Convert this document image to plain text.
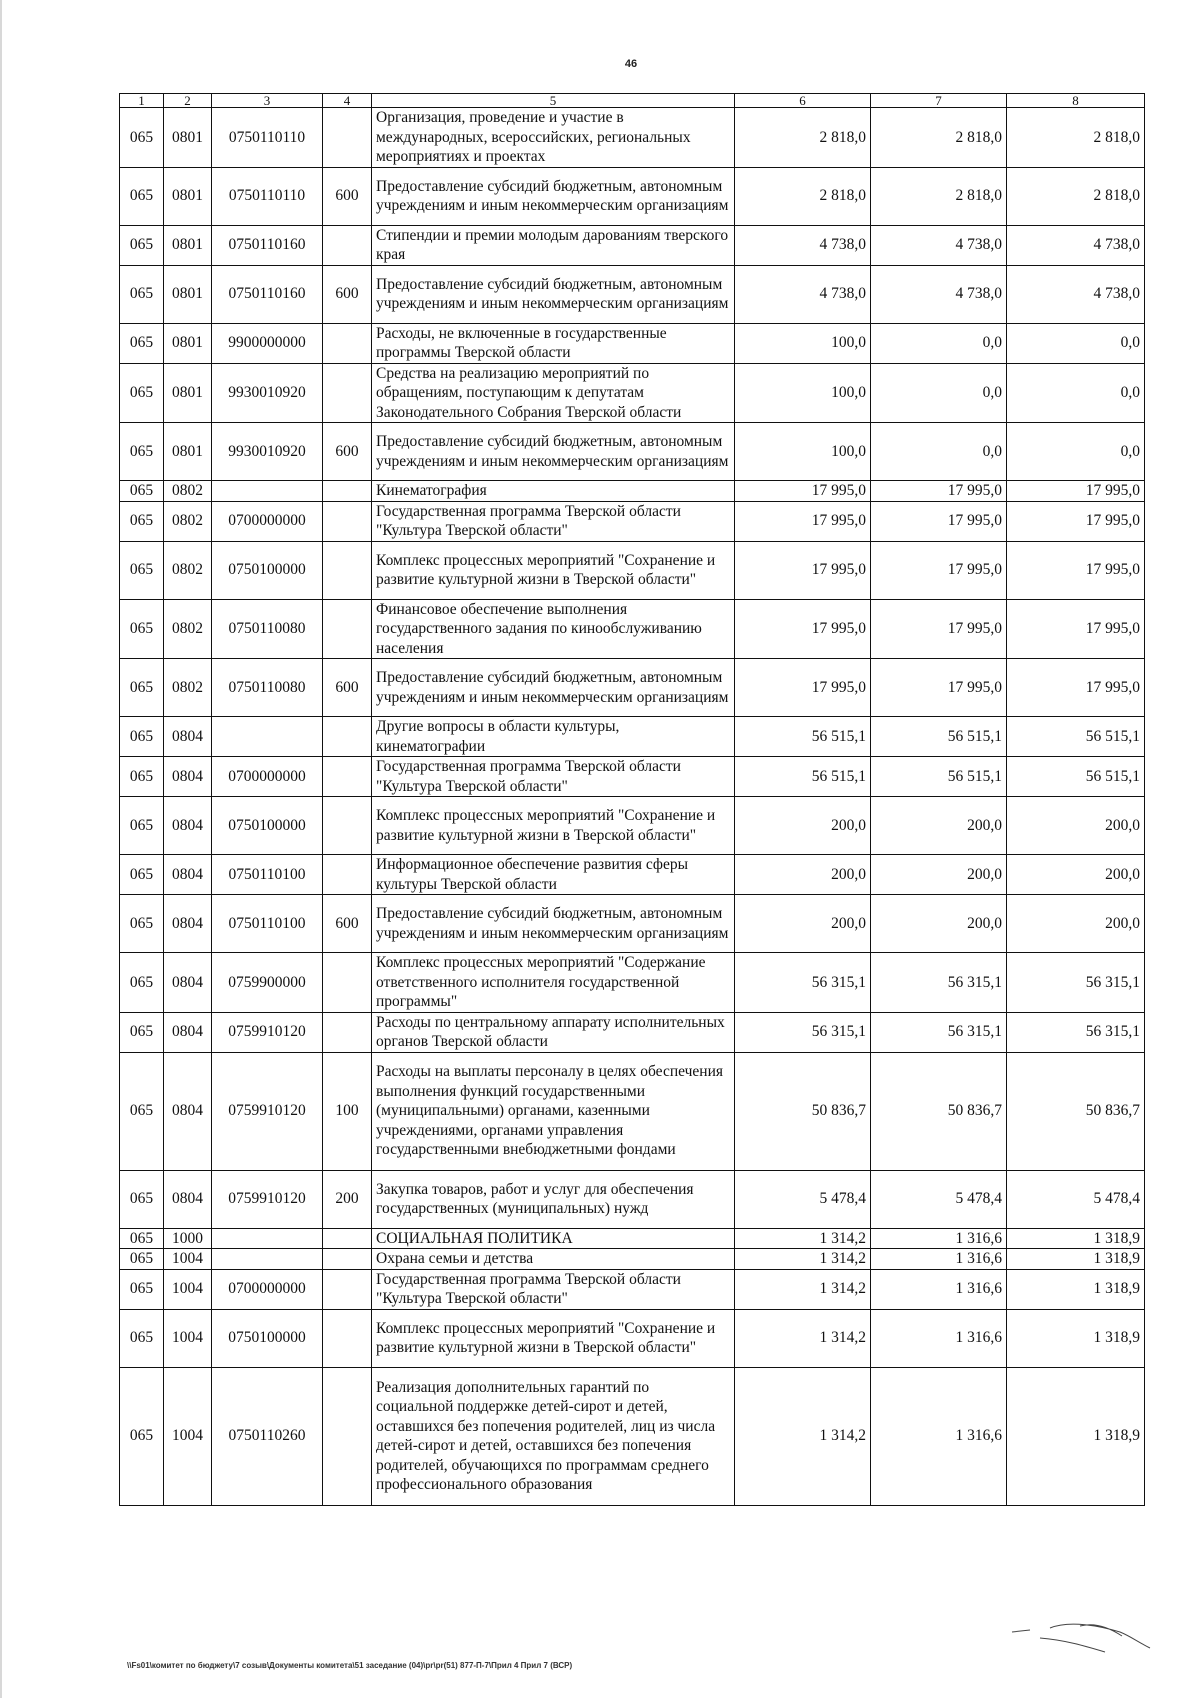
46
1	2	3	4	5	6	7	8
065	0801	0750110110		Организация, проведение и участие в международных, всероссийских, региональных мероприятиях и проектах	2 818,0	2 818,0	2 818,0
065	0801	0750110110	600	Предоставление субсидий бюджетным, автономным учреждениям и иным некоммерческим организациям	2 818,0	2 818,0	2 818,0
065	0801	0750110160		Стипендии и премии молодым дарованиям тверского края	4 738,0	4 738,0	4 738,0
065	0801	0750110160	600	Предоставление субсидий бюджетным, автономным учреждениям и иным некоммерческим организациям	4 738,0	4 738,0	4 738,0
065	0801	9900000000		Расходы, не включенные в государственные программы Тверской области	100,0	0,0	0,0
065	0801	9930010920		Средства на реализацию мероприятий по обращениям, поступающим к депутатам Законодательного Собрания Тверской области	100,0	0,0	0,0
065	0801	9930010920	600	Предоставление субсидий бюджетным, автономным учреждениям и иным некоммерческим организациям	100,0	0,0	0,0
065	0802			Кинематография	17 995,0	17 995,0	17 995,0
065	0802	0700000000		Государственная программа Тверской области "Культура Тверской области"	17 995,0	17 995,0	17 995,0
065	0802	0750100000		Комплекс процессных мероприятий "Сохранение и развитие культурной жизни в Тверской области"	17 995,0	17 995,0	17 995,0
065	0802	0750110080		Финансовое обеспечение выполнения государственного задания по кинообслуживанию населения	17 995,0	17 995,0	17 995,0
065	0802	0750110080	600	Предоставление субсидий бюджетным, автономным учреждениям и иным некоммерческим организациям	17 995,0	17 995,0	17 995,0
065	0804			Другие вопросы в области культуры, кинематографии	56 515,1	56 515,1	56 515,1
065	0804	0700000000		Государственная программа Тверской области "Культура Тверской области"	56 515,1	56 515,1	56 515,1
065	0804	0750100000		Комплекс процессных мероприятий "Сохранение и развитие культурной жизни в Тверской области"	200,0	200,0	200,0
065	0804	0750110100		Информационное обеспечение развития сферы культуры Тверской области	200,0	200,0	200,0
065	0804	0750110100	600	Предоставление субсидий бюджетным, автономным учреждениям и иным некоммерческим организациям	200,0	200,0	200,0
065	0804	0759900000		Комплекс процессных мероприятий "Содержание ответственного исполнителя государственной программы"	56 315,1	56 315,1	56 315,1
065	0804	0759910120		Расходы по центральному аппарату исполнительных органов Тверской области	56 315,1	56 315,1	56 315,1
065	0804	0759910120	100	Расходы на выплаты персоналу в целях обеспечения выполнения функций государственными (муниципальными) органами, казенными учреждениями, органами управления государственными внебюджетными фондами	50 836,7	50 836,7	50 836,7
065	0804	0759910120	200	Закупка товаров, работ и услуг для обеспечения государственных (муниципальных) нужд	5 478,4	5 478,4	5 478,4
065	1000			СОЦИАЛЬНАЯ ПОЛИТИКА	1 314,2	1 316,6	1 318,9
065	1004			Охрана семьи и детства	1 314,2	1 316,6	1 318,9
065	1004	0700000000		Государственная программа Тверской области "Культура Тверской области"	1 314,2	1 316,6	1 318,9
065	1004	0750100000		Комплекс процессных мероприятий "Сохранение и развитие культурной жизни в Тверской области"	1 314,2	1 316,6	1 318,9
065	1004	0750110260		Реализация дополнительных гарантий по социальной поддержке детей-сирот и детей, оставшихся без попечения родителей, лиц из числа детей-сирот и детей, оставшихся без попечения родителей, обучающихся по программам среднего профессионального образования	1 314,2	1 316,6	1 318,9
\\Fs01\комитет по бюджету\7 созыв\Документы комитета\51 заседание (04)\pr\pr(51) 877-П-7\Прил 4 Прил 7 (ВСР)
